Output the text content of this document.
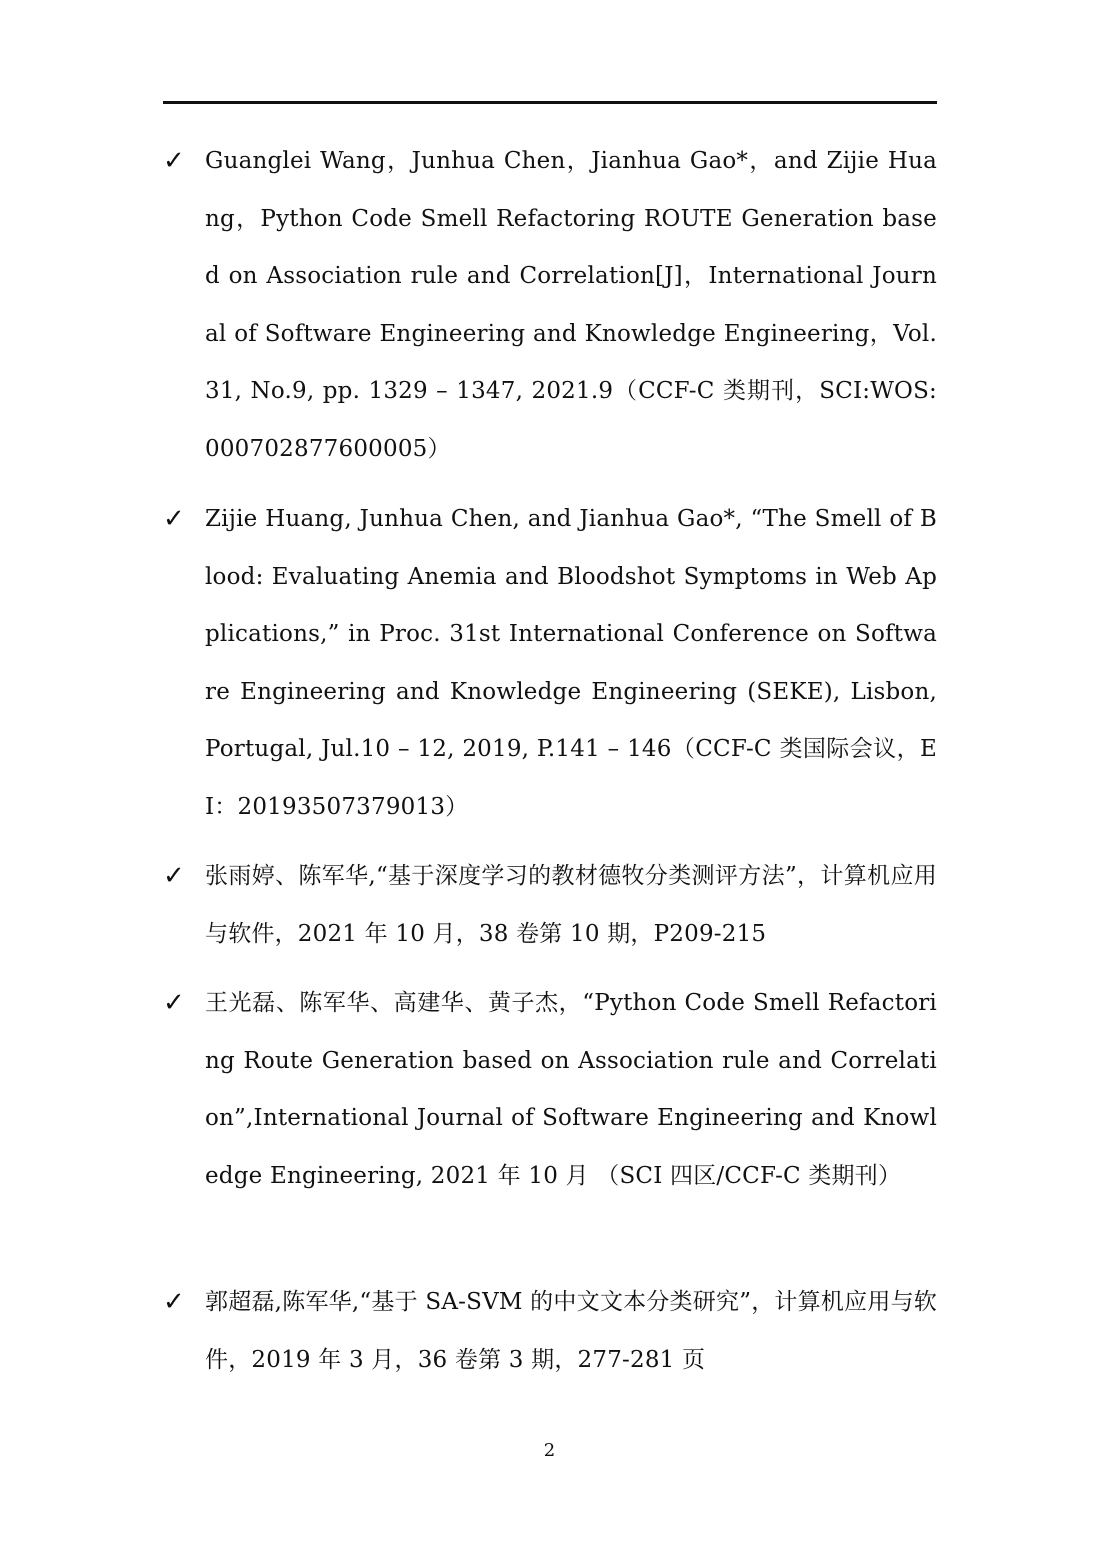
✓ Guanglei Wang，Junhua Chen，Jianhua Gao*，and Zijie Huang，Python Code Smell Refactoring ROUTE Generation based on Association rule and Correlation[J]，International Journal of Software Engineering and Knowledge Engineering，Vol.31, No.9, pp. 1329 – 1347, 2021.9（CCF-C 类期刊，SCI:WOS:000702877600005）
✓ Zijie Huang, Junhua Chen, and Jianhua Gao*, “The Smell of Blood: Evaluating Anemia and Bloodshot Symptoms in Web Applications,” in Proc. 31st International Conference on Software Engineering and Knowledge Engineering (SEKE), Lisbon, Portugal, Jul.10 – 12, 2019, P.141 – 146（CCF-C 类国际会议，EI：20193507379013）
✓ 张雨婷、陈军华,“基于深度学习的教材德牧分类测评方法”，计算机应用与软件，2021 年 10 月，38 卷第 10 期，P209-215
✓ 王光磊、陈军华、高建华、黄子杰，“Python Code Smell Refactoring Route Generation based on Association rule and Correlation”,International Journal of Software Engineering and Knowledge Engineering, 2021 年 10 月 （SCI 四区/CCF-C 类期刊）
✓ 郭超磊,陈军华,“基于 SA-SVM 的中文文本分类研究”，计算机应用与软件，2019 年 3 月，36 卷第 3 期，277-281 页
2
